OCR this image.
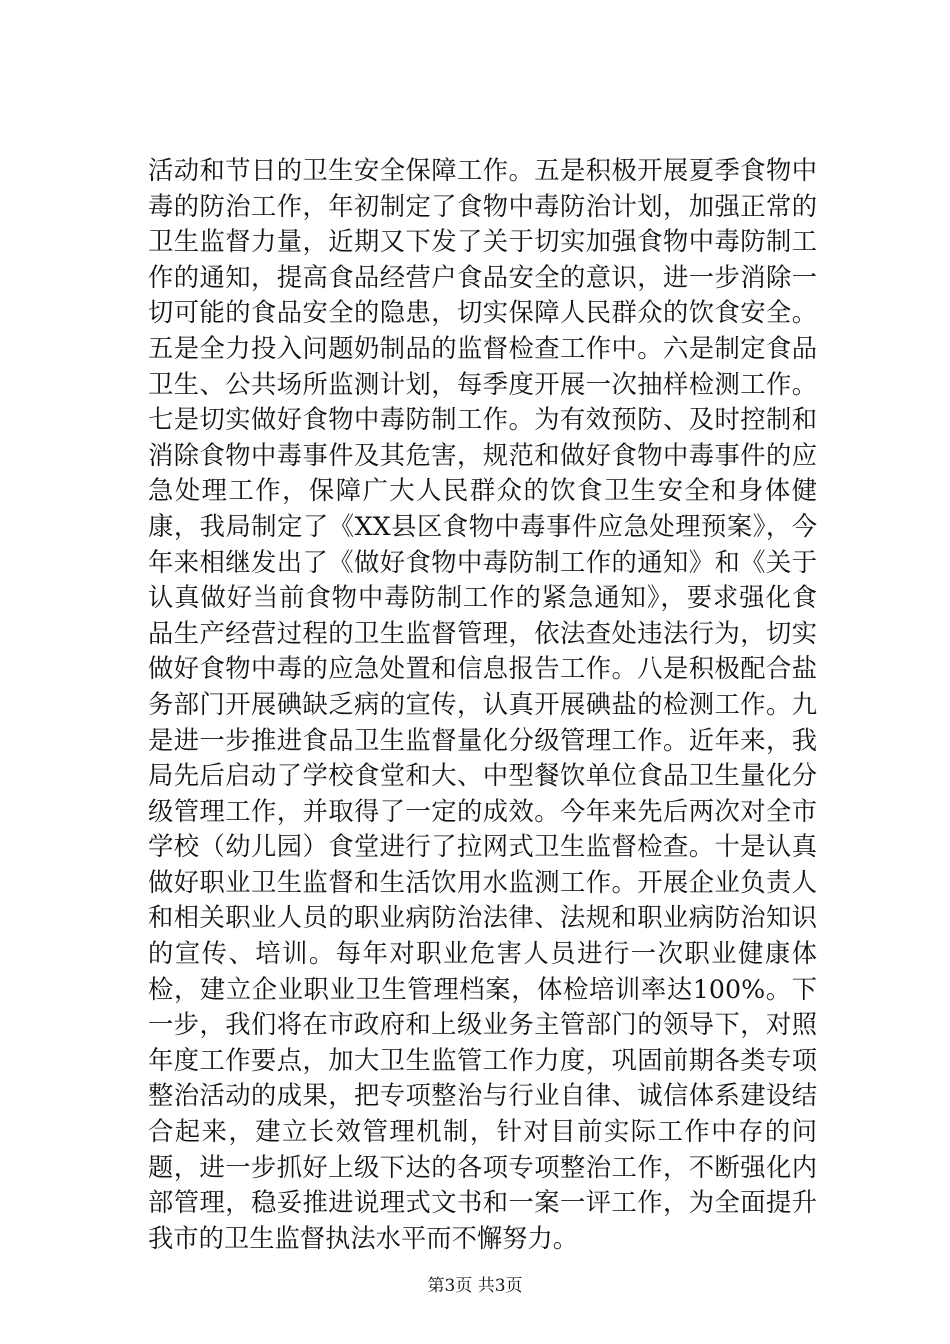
活动和节日的卫生安全保障工作。五是积极开展夏季食物中毒的防治工作，年初制定了食物中毒防治计划，加强正常的卫生监督力量，近期又下发了关于切实加强食物中毒防制工作的通知，提高食品经营户食品安全的意识，进一步消除一切可能的食品安全的隐患，切实保障人民群众的饮食安全。五是全力投入问题奶制品的监督检查工作中。六是制定食品卫生、公共场所监测计划，每季度开展一次抽样检测工作。七是切实做好食物中毒防制工作。为有效预防、及时控制和消除食物中毒事件及其危害，规范和做好食物中毒事件的应急处理工作，保障广大人民群众的饮食卫生安全和身体健康，我局制定了《XX县区食物中毒事件应急处理预案》，今年来相继发出了《做好食物中毒防制工作的通知》和《关于认真做好当前食物中毒防制工作的紧急通知》，要求强化食品生产经营过程的卫生监督管理，依法查处违法行为，切实做好食物中毒的应急处置和信息报告工作。八是积极配合盐务部门开展碘缺乏病的宣传，认真开展碘盐的检测工作。九是进一步推进食品卫生监督量化分级管理工作。近年来，我局先后启动了学校食堂和大、中型餐饮单位食品卫生量化分级管理工作，并取得了一定的成效。今年来先后两次对全市学校（幼儿园）食堂进行了拉网式卫生监督检查。十是认真做好职业卫生监督和生活饮用水监测工作。开展企业负责人和相关职业人员的职业病防治法律、法规和职业病防治知识的宣传、培训。每年对职业危害人员进行一次职业健康体检，建立企业职业卫生管理档案，体检培训率达100%。下一步，我们将在市政府和上级业务主管部门的领导下，对照年度工作要点，加大卫生监管工作力度，巩固前期各类专项整治活动的成果，把专项整治与行业自律、诚信体系建设结合起来，建立长效管理机制，针对目前实际工作中存的问题，进一步抓好上级下达的各项专项整治工作，不断强化内部管理，稳妥推进说理式文书和一案一评工作，为全面提升我市的卫生监督执法水平而不懈努力。

第3页 共3页
